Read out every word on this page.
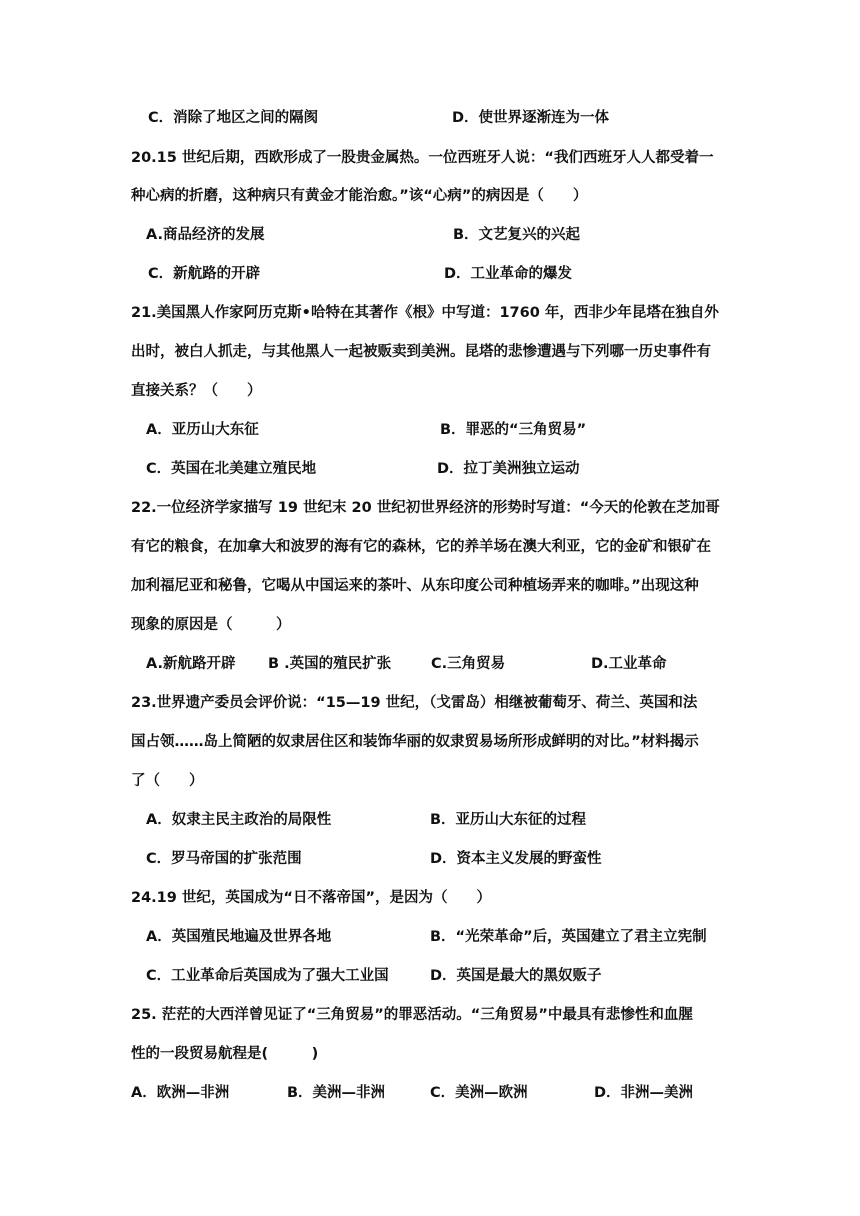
C．消除了地区之间的隔阂	D．使世界逐渐连为一体
20.15 世纪后期，西欧形成了一股贵金属热。一位西班牙人说：“我们西班牙人人都受着一
种心病的折磨，这种病只有黄金才能治愈。”该“心病”的病因是（　　）
A.商品经济的发展	B．文艺复兴的兴起
C．新航路的开辟	D．工业革命的爆发
21.美国黑人作家阿历克斯•哈特在其著作《根》中写道：1760 年，西非少年昆塔在独自外
出时，被白人抓走，与其他黑人一起被贩卖到美洲。昆塔的悲惨遭遇与下列哪一历史事件有
直接关系？（　　）
A．亚历山大东征	B．罪恶的“三角贸易”
C．英国在北美建立殖民地	D．拉丁美洲独立运动
22.一位经济学家描写 19 世纪末 20 世纪初世界经济的形势时写道：“今天的伦敦在芝加哥
有它的粮食，在加拿大和波罗的海有它的森林，它的养羊场在澳大利亚，它的金矿和银矿在
加利福尼亚和秘鲁，它喝从中国运来的茶叶、从东印度公司种植场弄来的咖啡。”出现这种
现象的原因是（　　　）
A.新航路开辟 B .英国的殖民扩张	C.三角贸易	D.工业革命
23.世界遗产委员会评价说：“15—19 世纪，（戈雷岛）相继被葡萄牙、荷兰、英国和法
国占领……岛上简陋的奴隶居住区和装饰华丽的奴隶贸易场所形成鲜明的对比。”材料揭示
了（　　）
A．奴隶主民主政治的局限性	B．亚历山大东征的过程
C．罗马帝国的扩张范围	D．资本主义发展的野蛮性
24.19 世纪，英国成为“日不落帝国”，是因为（　　）
A．英国殖民地遍及世界各地	B．“光荣革命”后，英国建立了君主立宪制
C．工业革命后英国成为了强大工业国	D．英国是最大的黑奴贩子
25. 茫茫的大西洋曾见证了“三角贸易”的罪恶活动。“三角贸易”中最具有悲惨性和血腥
性的一段贸易航程是(　　　)
A．欧洲—非洲	B．美洲—非洲	C．美洲—欧洲	D．非洲—美洲
